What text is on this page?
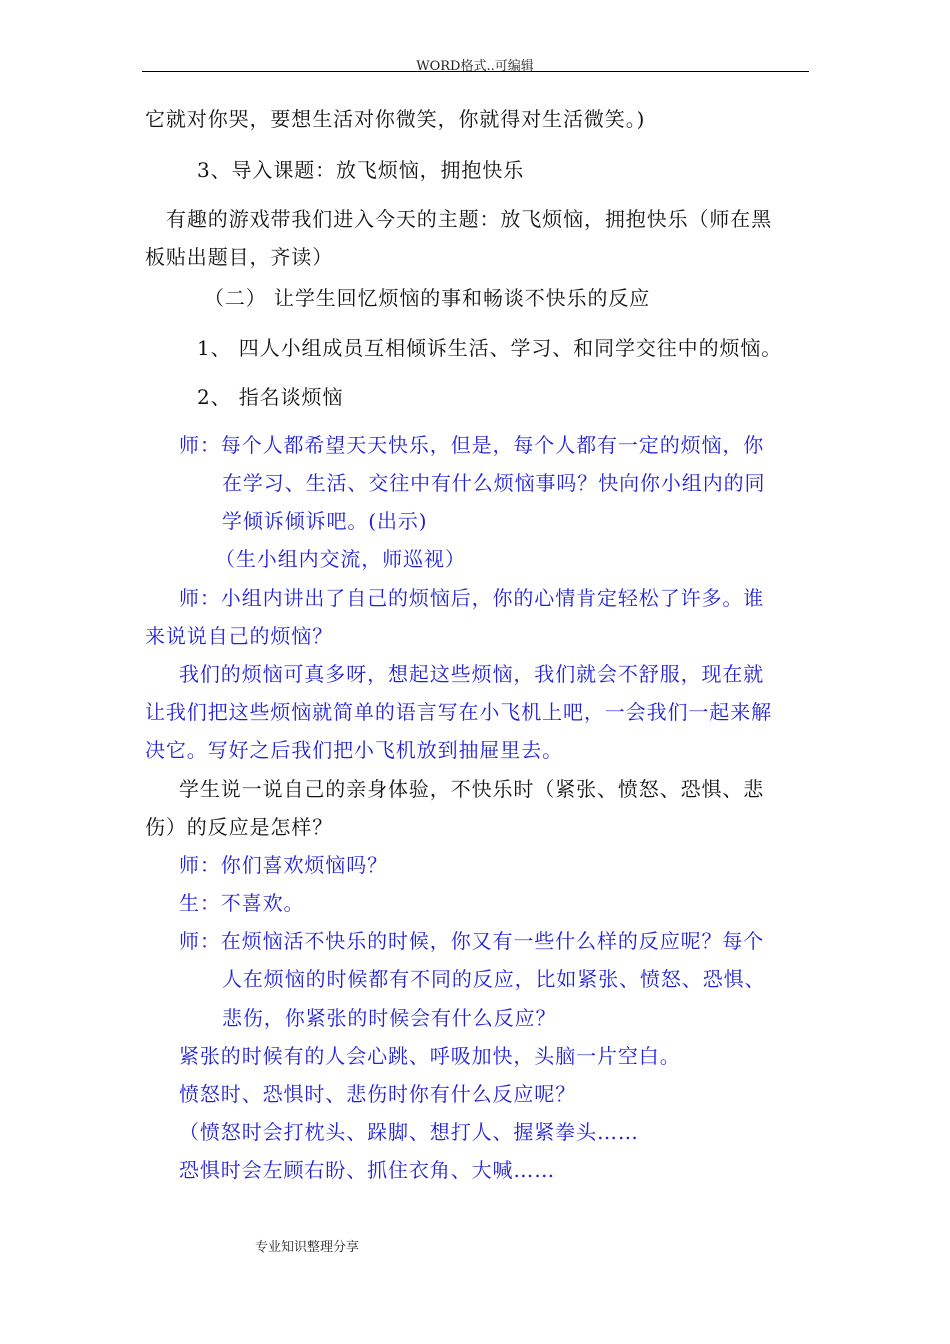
WORD格式..可编辑
它就对你哭，要想生活对你微笑，你就得对生活微笑。)
3、导入课题：放飞烦恼，拥抱快乐
有趣的游戏带我们进入今天的主题：放飞烦恼，拥抱快乐（师在黑
板贴出题目，齐读）
（二） 让学生回忆烦恼的事和畅谈不快乐的反应
1、 四人小组成员互相倾诉生活、学习、和同学交往中的烦恼。
2、 指名谈烦恼
师：每个人都希望天天快乐，但是，每个人都有一定的烦恼，你
在学习、生活、交往中有什么烦恼事吗？快向你小组内的同
学倾诉倾诉吧。(出示)
（生小组内交流，师巡视）
师：小组内讲出了自己的烦恼后，你的心情肯定轻松了许多。谁
来说说自己的烦恼？
我们的烦恼可真多呀，想起这些烦恼，我们就会不舒服，现在就
让我们把这些烦恼就简单的语言写在小飞机上吧，一会我们一起来解
决它。写好之后我们把小飞机放到抽屉里去。
学生说一说自己的亲身体验，不快乐时（紧张、愤怒、恐惧、悲
伤）的反应是怎样？
师：你们喜欢烦恼吗？
生：不喜欢。
师：在烦恼活不快乐的时候，你又有一些什么样的反应呢？每个
人在烦恼的时候都有不同的反应，比如紧张、愤怒、恐惧、
悲伤，你紧张的时候会有什么反应？
紧张的时候有的人会心跳、呼吸加快，头脑一片空白。
愤怒时、恐惧时、悲伤时你有什么反应呢？
（愤怒时会打枕头、跺脚、想打人、握紧拳头……
恐惧时会左顾右盼、抓住衣角、大喊……
专业知识整理分享
